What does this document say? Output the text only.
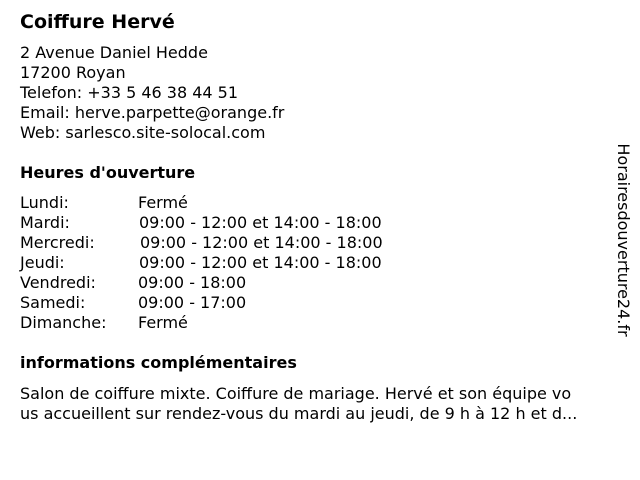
Coiffure Hervé
2 Avenue Daniel Hedde
17200 Royan
Telefon: +33 5 46 38 44 51
Email: herve.parpette@orange.fr
Web: sarlesco.site-solocal.com
Heures d'ouverture
Lundi:	Fermé
Mardi:	09:00 - 12:00 et 14:00 - 18:00
Mercredi:	09:00 - 12:00 et 14:00 - 18:00
Jeudi:	09:00 - 12:00 et 14:00 - 18:00
Vendredi:	09:00 - 18:00
Samedi:	09:00 - 17:00
Dimanche: Fermé
informations complémentaires
Salon de coiffure mixte. Coiffure de mariage. Hervé et son équipe vo
us accueillent sur rendez-vous du mardi au jeudi, de 9 h à 12 h et d...
Horairesdouverture24.fr
